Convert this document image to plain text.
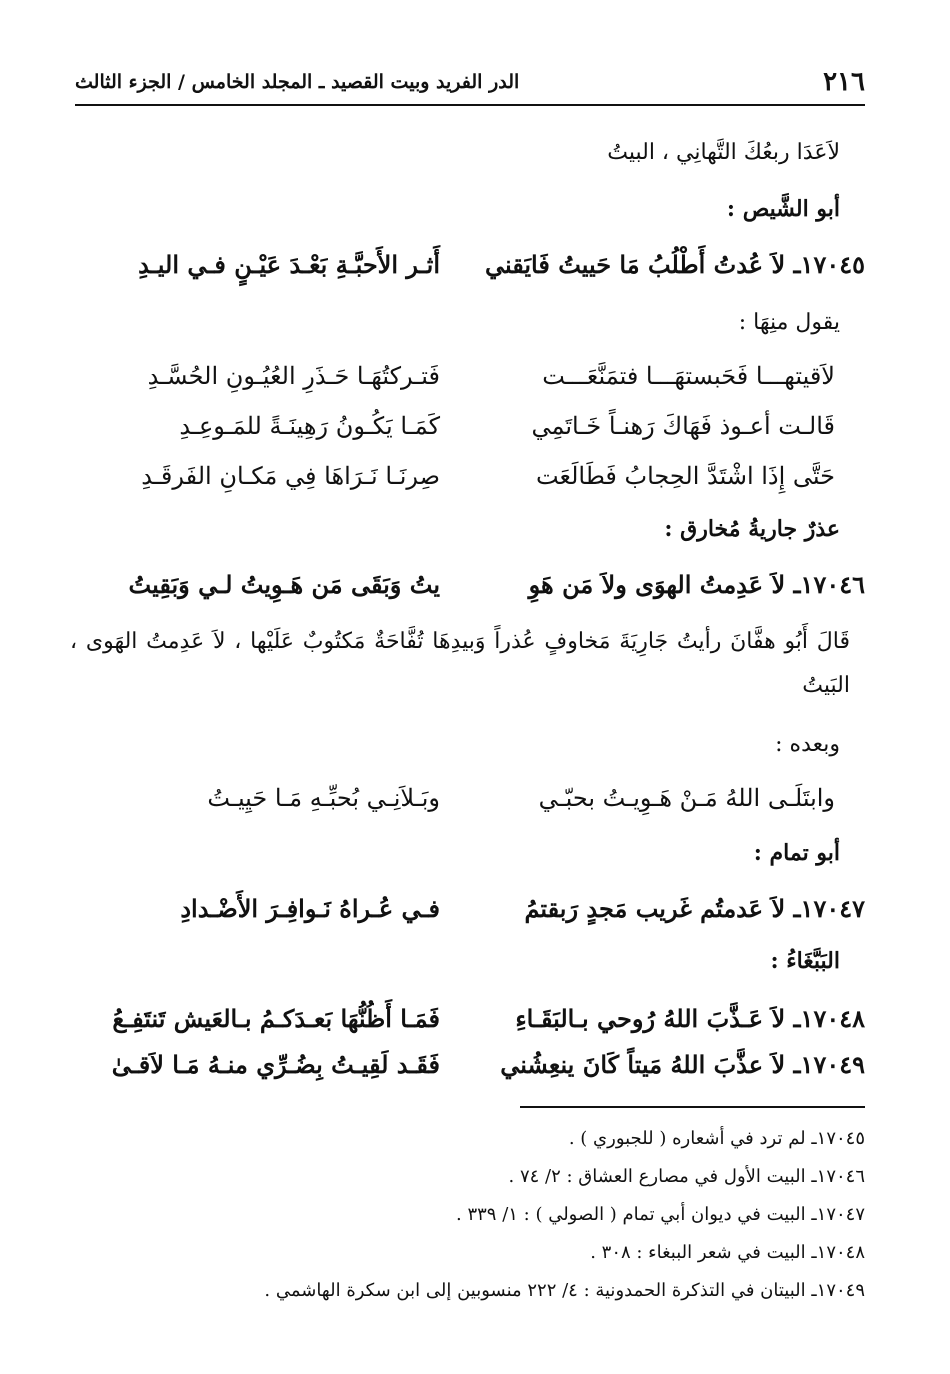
٢١٦
الدر الفريد وبيت القصيد ـ المجلد الخامس / الجزء الثالث
لاَعَدَا ربعُكَ التَّهانِي ، البيتُ
أبو الشَّيص :
١٧٠٤٥ـ لاَ عُدتُ أَطْلُبُ مَا حَييتُ فَايَقني
أَثـر الأَحبَّـةِ بَعْـدَ عَيْـنٍ فـي اليـدِ
يقول منِهَا :
لاَقيتهـــا فَحَبستهَـــا فتمَنَّعَـــت
فَتـركتُهَـا حَـذَرِ العُيُـونِ الحُسَّـدِ
قَالـت أعـوذ فَهَاكَ رَهنـاً خَـاتَمِي
كَمَـا يَكُـونُ رَهِينَـةً للمَـوعِـدِ
حَتَّى إِذَا اشْتَدَّ الحِجابُ فَطَالَعَت
صِرنَـا نَـرَاهَا فِي مَكـانِ الفَرقَـدِ
عذرٌ جاريةُ مُخارق :
١٧٠٤٦ـ لاَ عَدِمتُ الهوَى ولاَ مَن هَوِ
يتُ وَبَقَى مَن هَـوِيتُ لـي وَبَقِيتُ
قَالَ أَبُو هفَّانَ رأيتُ جَارِيَةَ مَخاوفٍ عُذراً وَبيدِهَا تُفَّاحَةٌ مَكتُوبٌ عَلَيْها ، لاَ عَدِمتُ الهَوى ، البَيتُ
وبعده :
وابتَلَـى اللهُ مَـنْ هَـوِيـتُ بحبّـي
وبَـلاَنِـي بُحبِّـهِ مَـا حَيِيـتُ
أبو تمام :
١٧٠٤٧ـ لاَ عَدمتُم غَريب مَجدٍ رَبقتمُ
فـي عُـراهُ نَـوافِـرَ الأَضْـدادِ
البَبَّغَاءُ :
١٧٠٤٨ـ لاَ عَـذَّبَ اللهُ رُوحي بـالبَقَـاءِ
فَمَـا أَظُنُّهَا بَعـدَكـمُ بـالعَيش تَنتَفِـعُ
١٧٠٤٩ـ لاَ عذَّبَ اللهُ مَيتاً كَانَ ينعِشُني
فَقَـد لَقِيـتُ بِضُـرِّي منـهُ مَـا لاَقـىٰ
١٧٠٤٥ـ لم ترد في أشعاره ( للجبوري ) .
١٧٠٤٦ـ البيت الأول في مصارع العشاق : ٢/ ٧٤ .
١٧٠٤٧ـ البيت في ديوان أبي تمام ( الصولي ) : ١/ ٣٣٩ .
١٧٠٤٨ـ البيت في شعر الببغاء : ٣٠٨ .
١٧٠٤٩ـ البيتان في التذكرة الحمدونية : ٤/ ٢٢٢ منسوبين إلى ابن سكرة الهاشمي .
